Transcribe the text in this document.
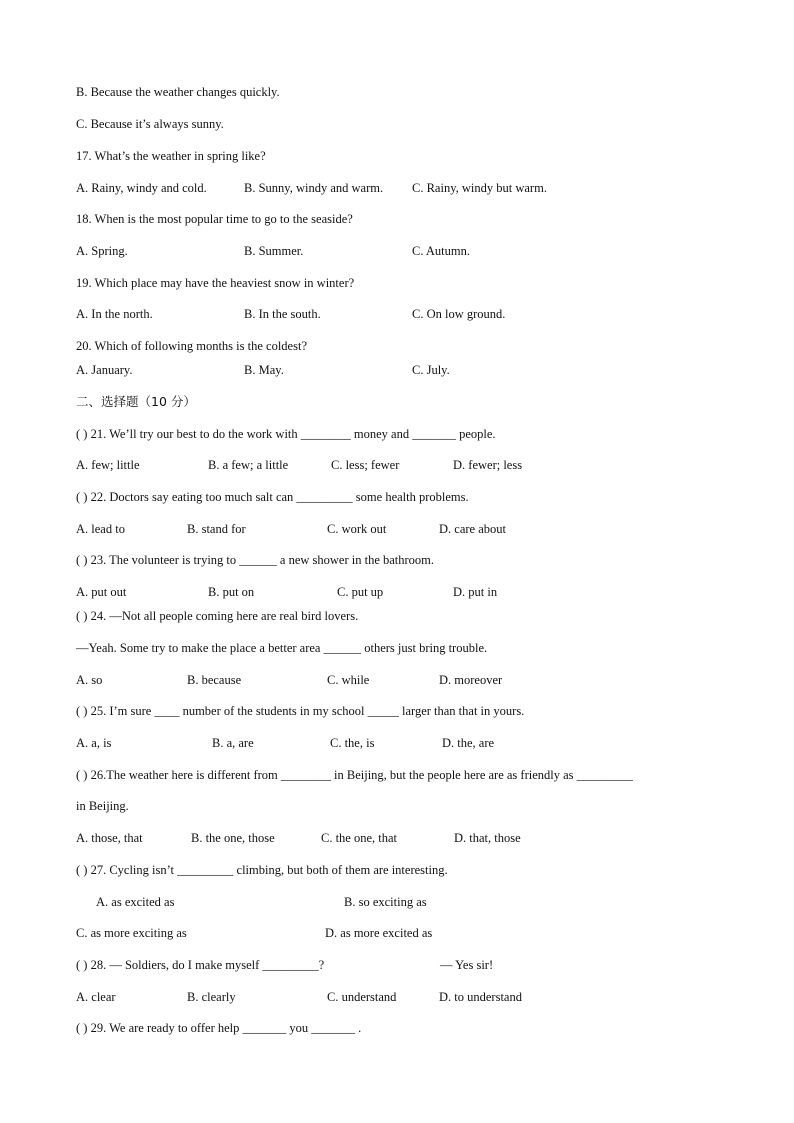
B. Because the weather changes quickly.
C. Because it’s always sunny.
17. What’s the weather in spring like?
A. Rainy, windy and cold.	B. Sunny, windy and warm. C. Rainy, windy but warm.
18. When is the most popular time to go to the seaside?
A. Spring.	B. Summer.	C. Autumn.
19. Which place may have the heaviest snow in winter?
A. In the north.	B. In the south.	C. On low ground.
20. Which of following months is the coldest?
A. January.	B. May.	C. July.
二、选择题（10 分）
( ) 21. We’ll try our best to do the work with ________ money and _______ people.
A. few; little	B. a few; a little	C. less; fewer	D. fewer; less
( ) 22. Doctors say eating too much salt can _________ some health problems.
A. lead to	B. stand for	C. work out	D. care about
( ) 23. The volunteer is trying to ______ a new shower in the bathroom.
A. put out	B. put on	C. put up	D. put in
( ) 24. —Not all people coming here are real bird lovers.
—Yeah. Some try to make the place a better area ______ others just bring trouble.
A. so	B. because	C. while	D. moreover
( ) 25. I’m sure ____ number of the students in my school _____ larger than that in yours.
A. a, is	B. a, are	C. the, is	D. the, are
( ) 26.The weather here is different from ________ in Beijing, but the people here are as friendly as _________
in Beijing.
A. those, that	B. the one, those	C. the one, that	D. that, those
( ) 27. Cycling isn’t _________ climbing, but both of them are interesting.
A. as excited as	B. so exciting as
C. as more exciting as	D. as more excited as
( ) 28. — Soldiers, do I make myself _________?	— Yes sir!
A. clear	B. clearly	C. understand	D. to understand
( ) 29. We are ready to offer help _______ you _______ .
